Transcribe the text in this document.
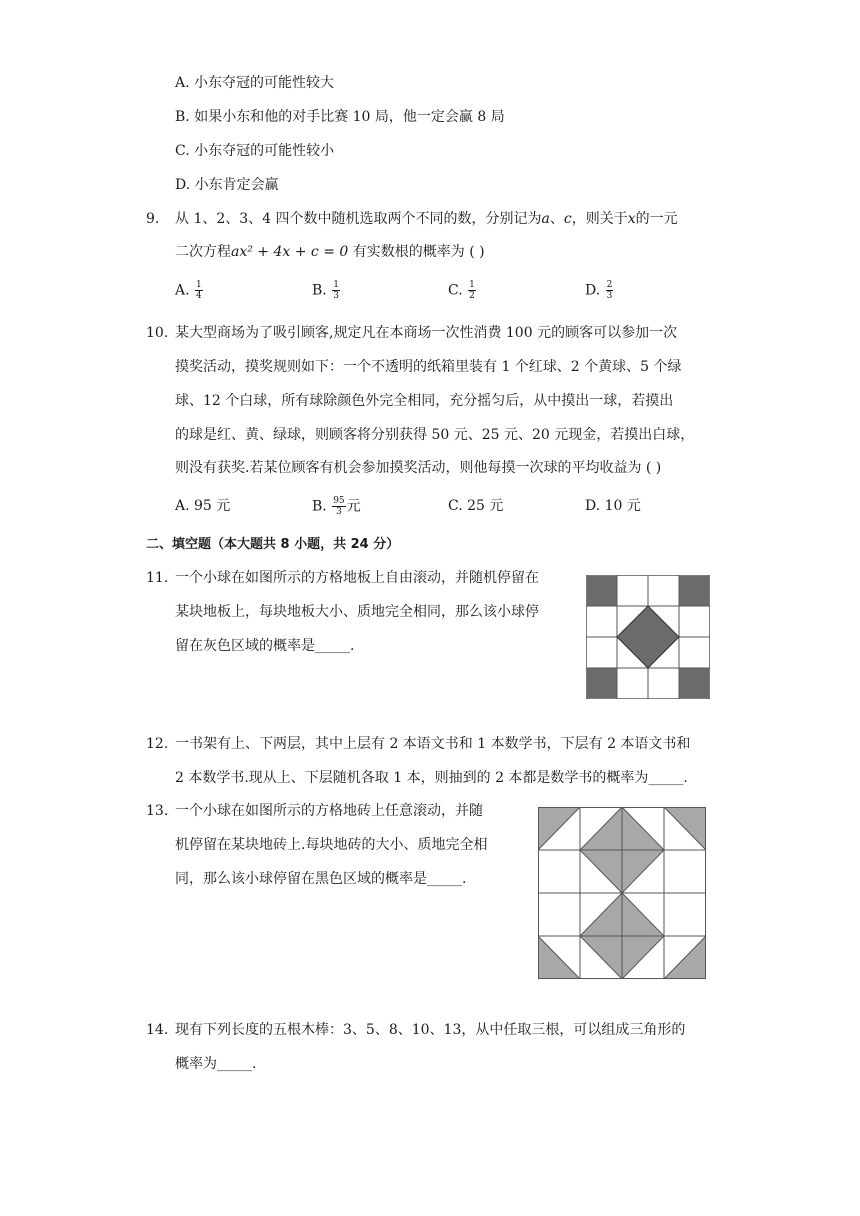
A. 小东夺冠的可能性较大
B. 如果小东和他的对手比赛 10 局，他一定会赢 8 局
C. 小东夺冠的可能性较小
D. 小东肯定会赢
9. 从 1、2、3、4 四个数中随机选取两个不同的数，分别记为a、c，则关于x的一元
二次方程ax² + 4x + c = 0 有实数根的概率为 ( )
A. $\frac{1}{4}$	B. $\frac{1}{3}$	C. $\frac{1}{2}$	D. $\frac{2}{3}$
10. 某大型商场为了吸引顾客,规定凡在本商场一次性消费 100 元的顾客可以参加一次
摸奖活动，摸奖规则如下：一个不透明的纸箱里装有 1 个红球、2 个黄球、5 个绿
球、12 个白球，所有球除颜色外完全相同，充分摇匀后，从中摸出一球，若摸出
的球是红、黄、绿球，则顾客将分别获得 50 元、25 元、20 元现金，若摸出白球，
则没有获奖.若某位顾客有机会参加摸奖活动，则他每摸一次球的平均收益为 ( )
A. 95 元	B. $\frac{95}{3}$ 元	C. 25 元	D. 10 元
二、填空题（本大题共 8 小题，共 24 分）
11. 一个小球在如图所示的方格地板上自由滚动，并随机停留在
某块地板上，每块地板大小、质地完全相同，那么该小球停
留在灰色区域的概率是_____.
12. 一书架有上、下两层，其中上层有 2 本语文书和 1 本数学书，下层有 2 本语文书和
2 本数学书.现从上、下层随机各取 1 本，则抽到的 2 本都是数学书的概率为_____.
13. 一个小球在如图所示的方格地砖上任意滚动，并随
机停留在某块地砖上.每块地砖的大小、质地完全相
同，那么该小球停留在黑色区域的概率是_____.
14. 现有下列长度的五根木棒：3、5、8、10、13，从中任取三根，可以组成三角形的
概率为_____.
